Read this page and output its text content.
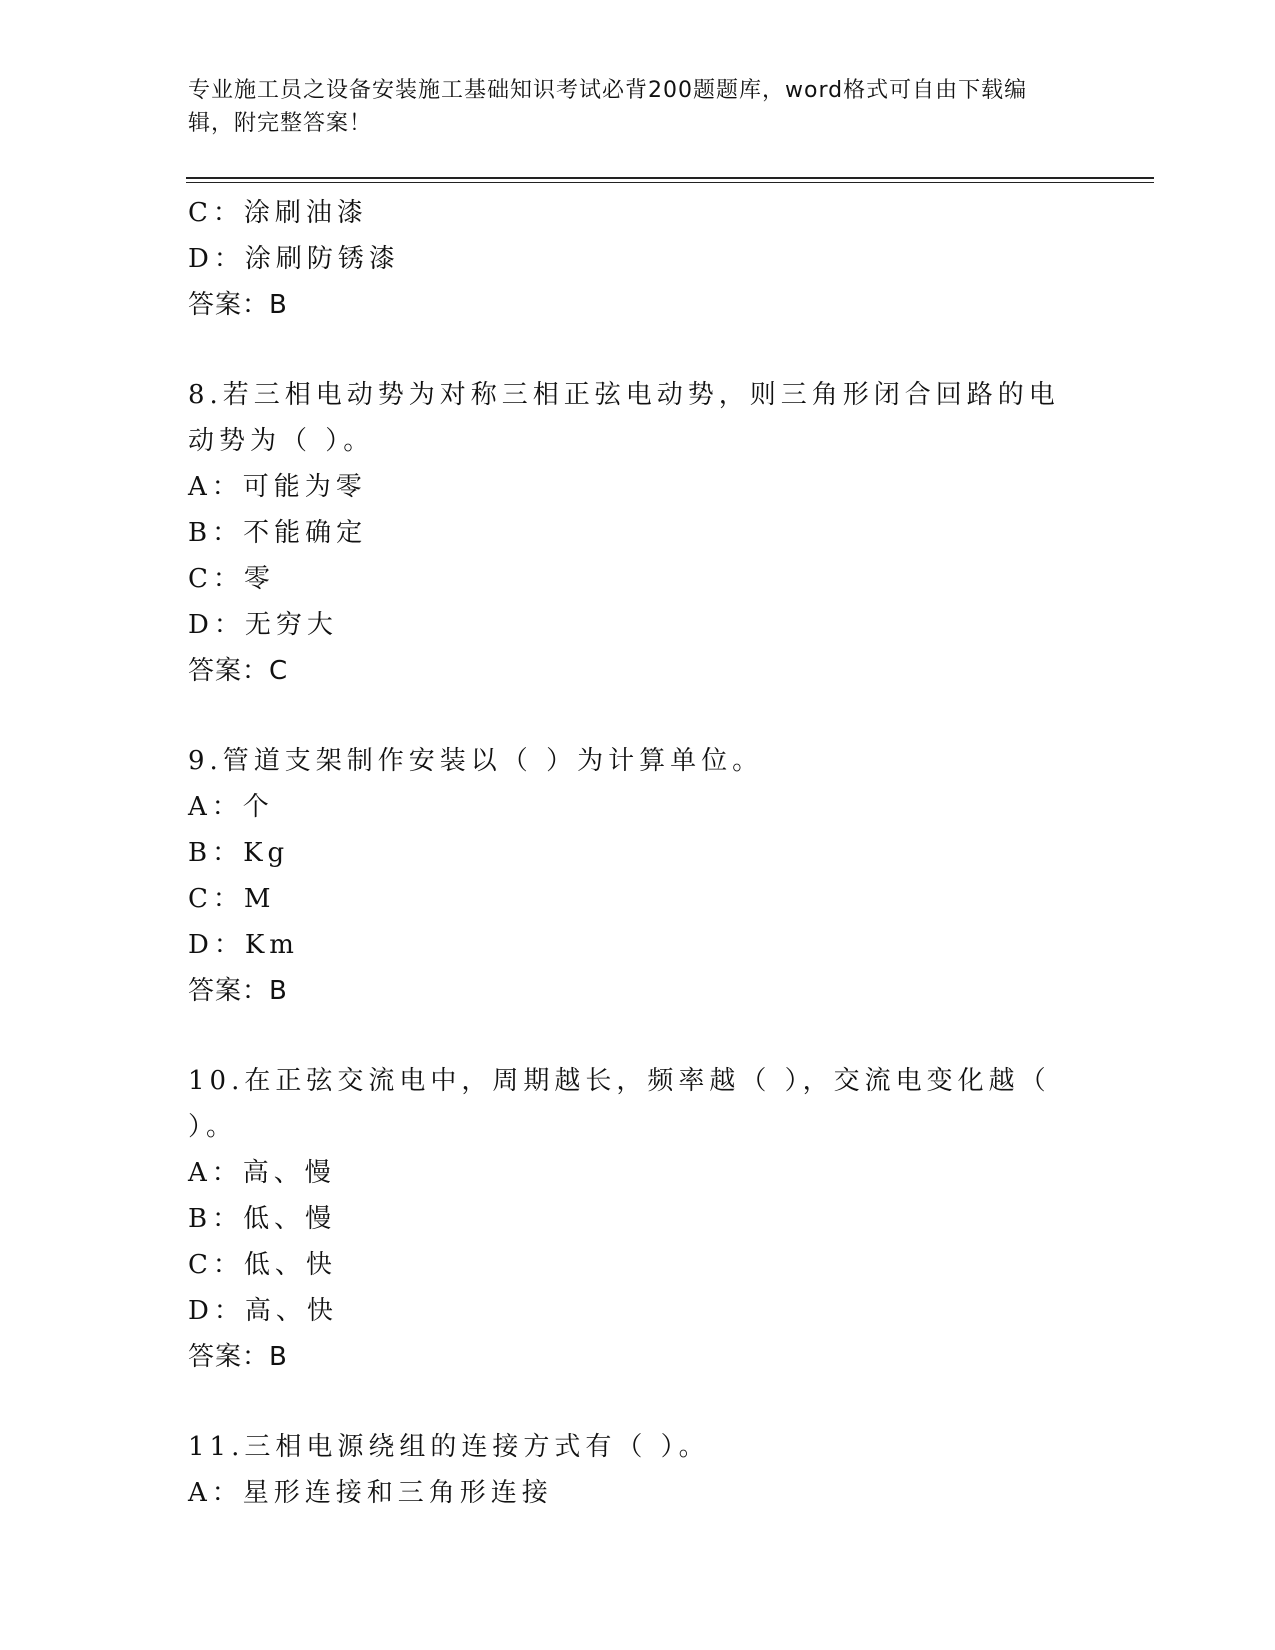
专业施工员之设备安装施工基础知识考试必背200题题库，word格式可自由下载编辑，附完整答案！
C：涂刷油漆
D：涂刷防锈漆
答案：B
8.若三相电动势为对称三相正弦电动势，则三角形闭合回路的电动势为（ ）。
A：可能为零
B：不能确定
C：零
D：无穷大
答案：C
9.管道支架制作安装以（ ）为计算单位。
A：个
B：Kg
C：M
D：Km
答案：B
10.在正弦交流电中，周期越长，频率越（ ），交流电变化越（ ）。
A：高、慢
B：低、慢
C：低、快
D：高、快
答案：B
11.三相电源绕组的连接方式有（ ）。
A：星形连接和三角形连接
